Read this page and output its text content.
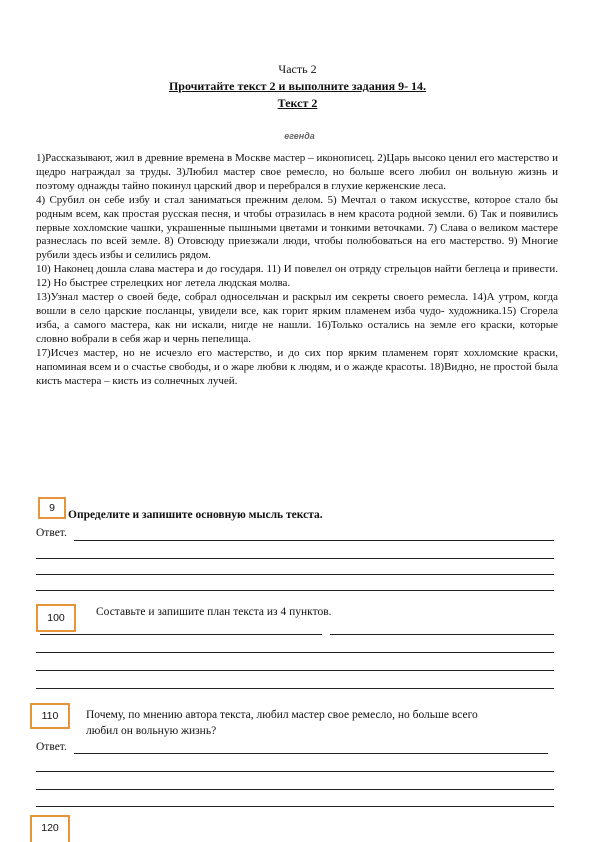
Часть 2
Прочитайте текст 2 и выполните задания 9- 14.
Текст 2
егенда

1)Рассказывают, жил в древние времена в Москве мастер – иконописец. 2)Царь высоко ценил его мастерство и щедро награждал за труды. 3)Любил мастер свое ремесло, но больше всего любил он вольную жизнь и поэтому однажды тайно покинул царский двор и перебрался в глухие керженские леса.

4) Срубил он себе избу и стал заниматься прежним делом. 5) Мечтал о таком искусстве, которое стало бы родным всем, как простая русская песня, и чтобы отразилась в нем красота родной земли. 6) Так и появились первые хохломские чашки, украшенные пышными цветами и тонкими веточками. 7) Слава о великом мастере разнеслась по всей земле. 8) Отовсюду приезжали люди, чтобы полюбоваться на его мастерство. 9) Многие рубили здесь избы и селились рядом.

10) Наконец дошла слава мастера и до государя. 11) И повелел он отряду стрельцов найти беглеца и привести. 12) Но быстрее стрелецких ног летела людская молва.

13)Узнал мастер о своей беде, собрал односельчан и раскрыл им секреты своего ремесла. 14)А утром, когда вошли в село царские посланцы, увидели все, как горит ярким пламенем изба чудо- художника.15) Сгорела изба, а самого мастера, как ни искали, нигде не нашли. 16)Только остались на земле его краски, которые словно вобрали в себя жар и чернь пепелища.

17)Исчез мастер, но не исчезло его мастерство, и до сих пор ярким пламенем горят хохломские краски, напоминая всем и о счастье свободы, и о жаре любви к людям, и о жажде красоты. 18)Видно, не простой была кисть мастера – кисть из солнечных лучей.

9
Определите и запишите основную мысль текста.
Ответ.
100	Составьте и запишите план текста из 4 пунктов.
110	Почему, по мнению автора текста, любил мастер свое ремесло, но больше всего
любил он вольную жизнь?
Ответ.
120
